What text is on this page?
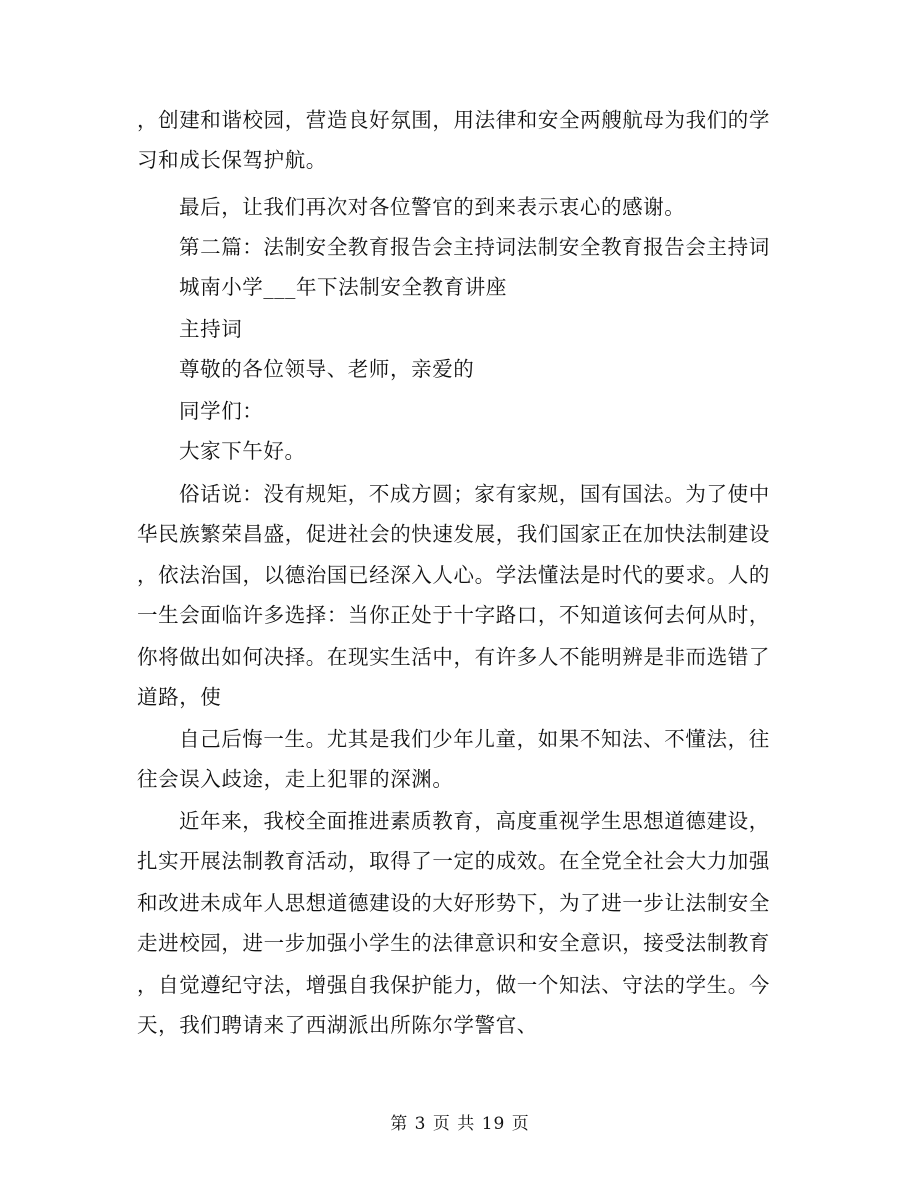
，创建和谐校园，营造良好氛围，用法律和安全两艘航母为我们的学
习和成长保驾护航。
最后，让我们再次对各位警官的到来表示衷心的感谢。
第二篇：法制安全教育报告会主持词法制安全教育报告会主持词
城南小学___年下法制安全教育讲座
主持词
尊敬的各位领导、老师，亲爱的
同学们：
大家下午好。
俗话说：没有规矩，不成方圆；家有家规，国有国法。为了使中
华民族繁荣昌盛，促进社会的快速发展，我们国家正在加快法制建设
，依法治国，以德治国已经深入人心。学法懂法是时代的要求。人的
一生会面临许多选择：当你正处于十字路口，不知道该何去何从时，
你将做出如何决择。在现实生活中，有许多人不能明辨是非而选错了
道路，使
自己后悔一生。尤其是我们少年儿童，如果不知法、不懂法，往
往会误入歧途，走上犯罪的深渊。
近年来，我校全面推进素质教育，高度重视学生思想道德建设，
扎实开展法制教育活动，取得了一定的成效。在全党全社会大力加强
和改进未成年人思想道德建设的大好形势下，为了进一步让法制安全
走进校园，进一步加强小学生的法律意识和安全意识，接受法制教育
，自觉遵纪守法，增强自我保护能力，做一个知法、守法的学生。今
天，我们聘请来了西湖派出所陈尔学警官、
第 3 页 共 19 页
